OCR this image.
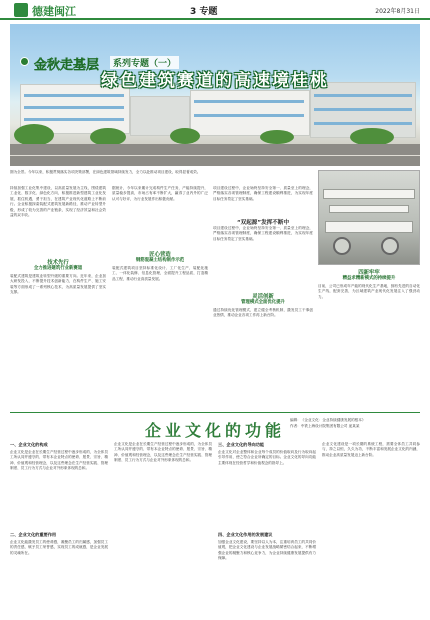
德建闽江	3 专题	2022年8月31日
金秋走基层	系列专题（一）
绿色建筑赛道的高速境桂桃
图为全景。今年以来，积极贯彻落实各项决策部署，在绿色建筑领域持续发力，全力以赴推动项目建设，取得显著成效。
持续加强工业化集中建设，以高质量发展为主线，围绕建筑工业化、数字化、绿色化方向，积极推进新型建筑工业化发展，抓住机遇，勇于担当，在建筑产业现代化道路上不断前行。企业积极探索装配式建筑发展新路径，推动产业转型升级，形成了较为完善的产业链条，实现了经济效益和社会效益的双丰收。
技术先行
全力推进建筑行业新赛道
装配式建筑是建筑业转型升级的重要方向。近年来，企业加大研发投入，不断提升技术创新能力，在构件生产、施工安装等方面形成了一系列核心技术，为高质量发展提供了坚实支撑。
据统计，今年以来累计完成构件生产任务，产能持续提升，质量稳步提高，市场占有率不断扩大，赢得了业内外的广泛认可与好评，为行业发展作出积极贡献。
匠心营造
钢筋混凝土结构制作示范
装配式建筑项目坚持标准化设计、工厂化生产、装配化施工、一体化装修、信息化管理，全面提升工程品质，打造精品工程，推动行业高质量发展。
项目建设过程中，企业始终坚持安全第一、质量至上的理念，严格落实各项管理制度，确保工程建设顺利推进，为实现年度目标任务奠定了坚实基础。
“双起源”发挥不断中
项目建设过程中，企业始终坚持安全第一、质量至上的理念，严格落实各项管理制度，确保工程建设顺利推进，为实现年度目标任务奠定了坚实基础。
灵活创新
管理模式全面优化提升
通过持续优化管理模式，建立健全考核机制，激发员工干事创业热情，推动企业各项工作再上新台阶。
四新牢牢
精益求精新模式的持续提升
目前，公司已形成年产能的现代化生产基地，拥有先进的自动化生产线，配套完善，为区域建筑产业现代化发展注入了强劲动力。
企业文化的功能
编辑：《企业文化：企业持续健康发展的根本》
作者：中铁上海设计院集团有限公司 庞某某
一、企业文化的构成
企业文化是企业在长期生产经营过程中逐步形成的，为全体员工所认同并遵守的、带有本企业特点的使命、愿景、宗旨、精神、价值观和经营理念，以及这些理念在生产经营实践、管理制度、员工行为方式与企业对外形象体现的总和。
二、企业文化的重要作用
企业文化能激发员工的使命感，凝聚员工的归属感，加强员工的责任感，赋予员工荣誉感，实现员工的成就感，是企业发展的灵魂所在。
企业文化是企业在长期生产经营过程中逐步形成的，为全体员工所认同并遵守的、带有本企业特点的使命、愿景、宗旨、精神、价值观和经营理念，以及这些理念在生产经营实践、管理制度、员工行为方式与企业对外形象体现的总和。
三、企业文化的导向功能
企业文化对企业整体和企业每个成员的价值取向及行为取向起引导作用，使之符合企业所确定的目标。企业文化的导向功能主要体现在经营哲学和价值观念的指导上。
四、企业文化作用的发展建议
加强企业文化建设，要坚持以人为本，注重培育员工的共同价值观，把企业文化建设与企业发展战略紧密结合起来，不断增强企业的凝聚力和核心竞争力，为企业持续健康发展提供有力保障。
企业文化建设是一项长期的系统工程，需要全体员工共同参与，持之以恒，久久为功，不断丰富和发展企业文化的内涵，推动企业高质量发展迈上新台阶。
